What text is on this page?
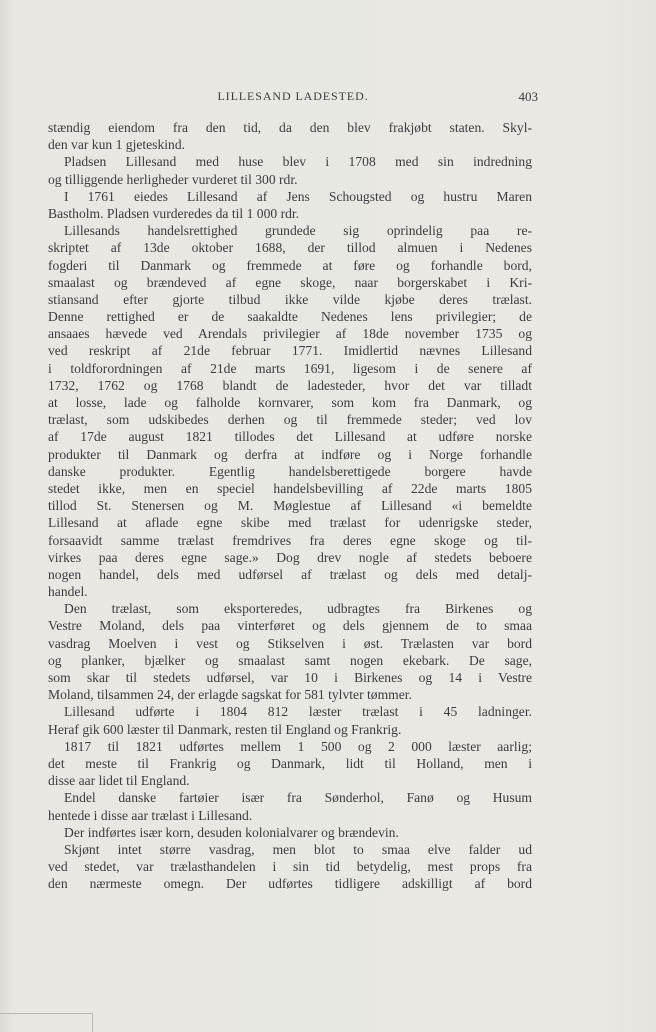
LILLESAND LADESTED.	403
stændig eiendom fra den tid, da den blev frakjøbt staten. Skyl-
den var kun 1 gjeteskind.
Pladsen Lillesand med huse blev i 1708 med sin indredning
og tilliggende herligheder vurderet til 300 rdr.
I 1761 eiedes Lillesand af Jens Schougsted og hustru Maren
Bastholm. Pladsen vurderedes da til 1 000 rdr.
Lillesands handelsrettighed grundede sig oprindelig paa re-
skriptet af 13de oktober 1688, der tillod almuen i Nedenes
fogderi til Danmark og fremmede at føre og forhandle bord,
smaalast og brændeved af egne skoge, naar borgerskabet i Kri-
stiansand efter gjorte tilbud ikke vilde kjøbe deres trælast.
Denne rettighed er de saakaldte Nedenes lens privilegier; de
ansaaes hævede ved Arendals privilegier af 18de november 1735 og
ved reskript af 21de februar 1771. Imidlertid nævnes Lillesand
i toldforordningen af 21de marts 1691, ligesom i de senere af
1732, 1762 og 1768 blandt de ladesteder, hvor det var tilladt
at losse, lade og falholde kornvarer, som kom fra Danmark, og
trælast, som udskibedes derhen og til fremmede steder; ved lov
af 17de august 1821 tillodes det Lillesand at udføre norske
produkter til Danmark og derfra at indføre og i Norge forhandle
danske produkter. Egentlig handelsberettigede borgere havde
stedet ikke, men en speciel handelsbevilling af 22de marts 1805
tillod St. Stenersen og M. Møglestue af Lillesand «i bemeldte
Lillesand at aflade egne skibe med trælast for udenrigske steder,
forsaavidt samme trælast fremdrives fra deres egne skoge og til-
virkes paa deres egne sage.» Dog drev nogle af stedets beboere
nogen handel, dels med udførsel af trælast og dels med detalj-
handel.
Den trælast, som eksporteredes, udbragtes fra Birkenes og
Vestre Moland, dels paa vinterføret og dels gjennem de to smaa
vasdrag Moelven i vest og Stikselven i øst. Trælasten var bord
og planker, bjælker og smaalast samt nogen ekebark. De sage,
som skar til stedets udførsel, var 10 i Birkenes og 14 i Vestre
Moland, tilsammen 24, der erlagde sagskat for 581 tylvter tømmer.
Lillesand udførte i 1804 812 læster trælast i 45 ladninger.
Heraf gik 600 læster til Danmark, resten til England og Frankrig.
1817 til 1821 udførtes mellem 1 500 og 2 000 læster aarlig;
det meste til Frankrig og Danmark, lidt til Holland, men i
disse aar lidet til England.
Endel danske fartøier især fra Sønderhol, Fanø og Husum
hentede i disse aar trælast i Lillesand.
Der indførtes især korn, desuden kolonialvarer og brændevin.
Skjønt intet større vasdrag, men blot to smaa elve falder ud
ved stedet, var trælasthandelen i sin tid betydelig, mest props fra
den nærmeste omegn. Der udførtes tidligere adskilligt af bord
